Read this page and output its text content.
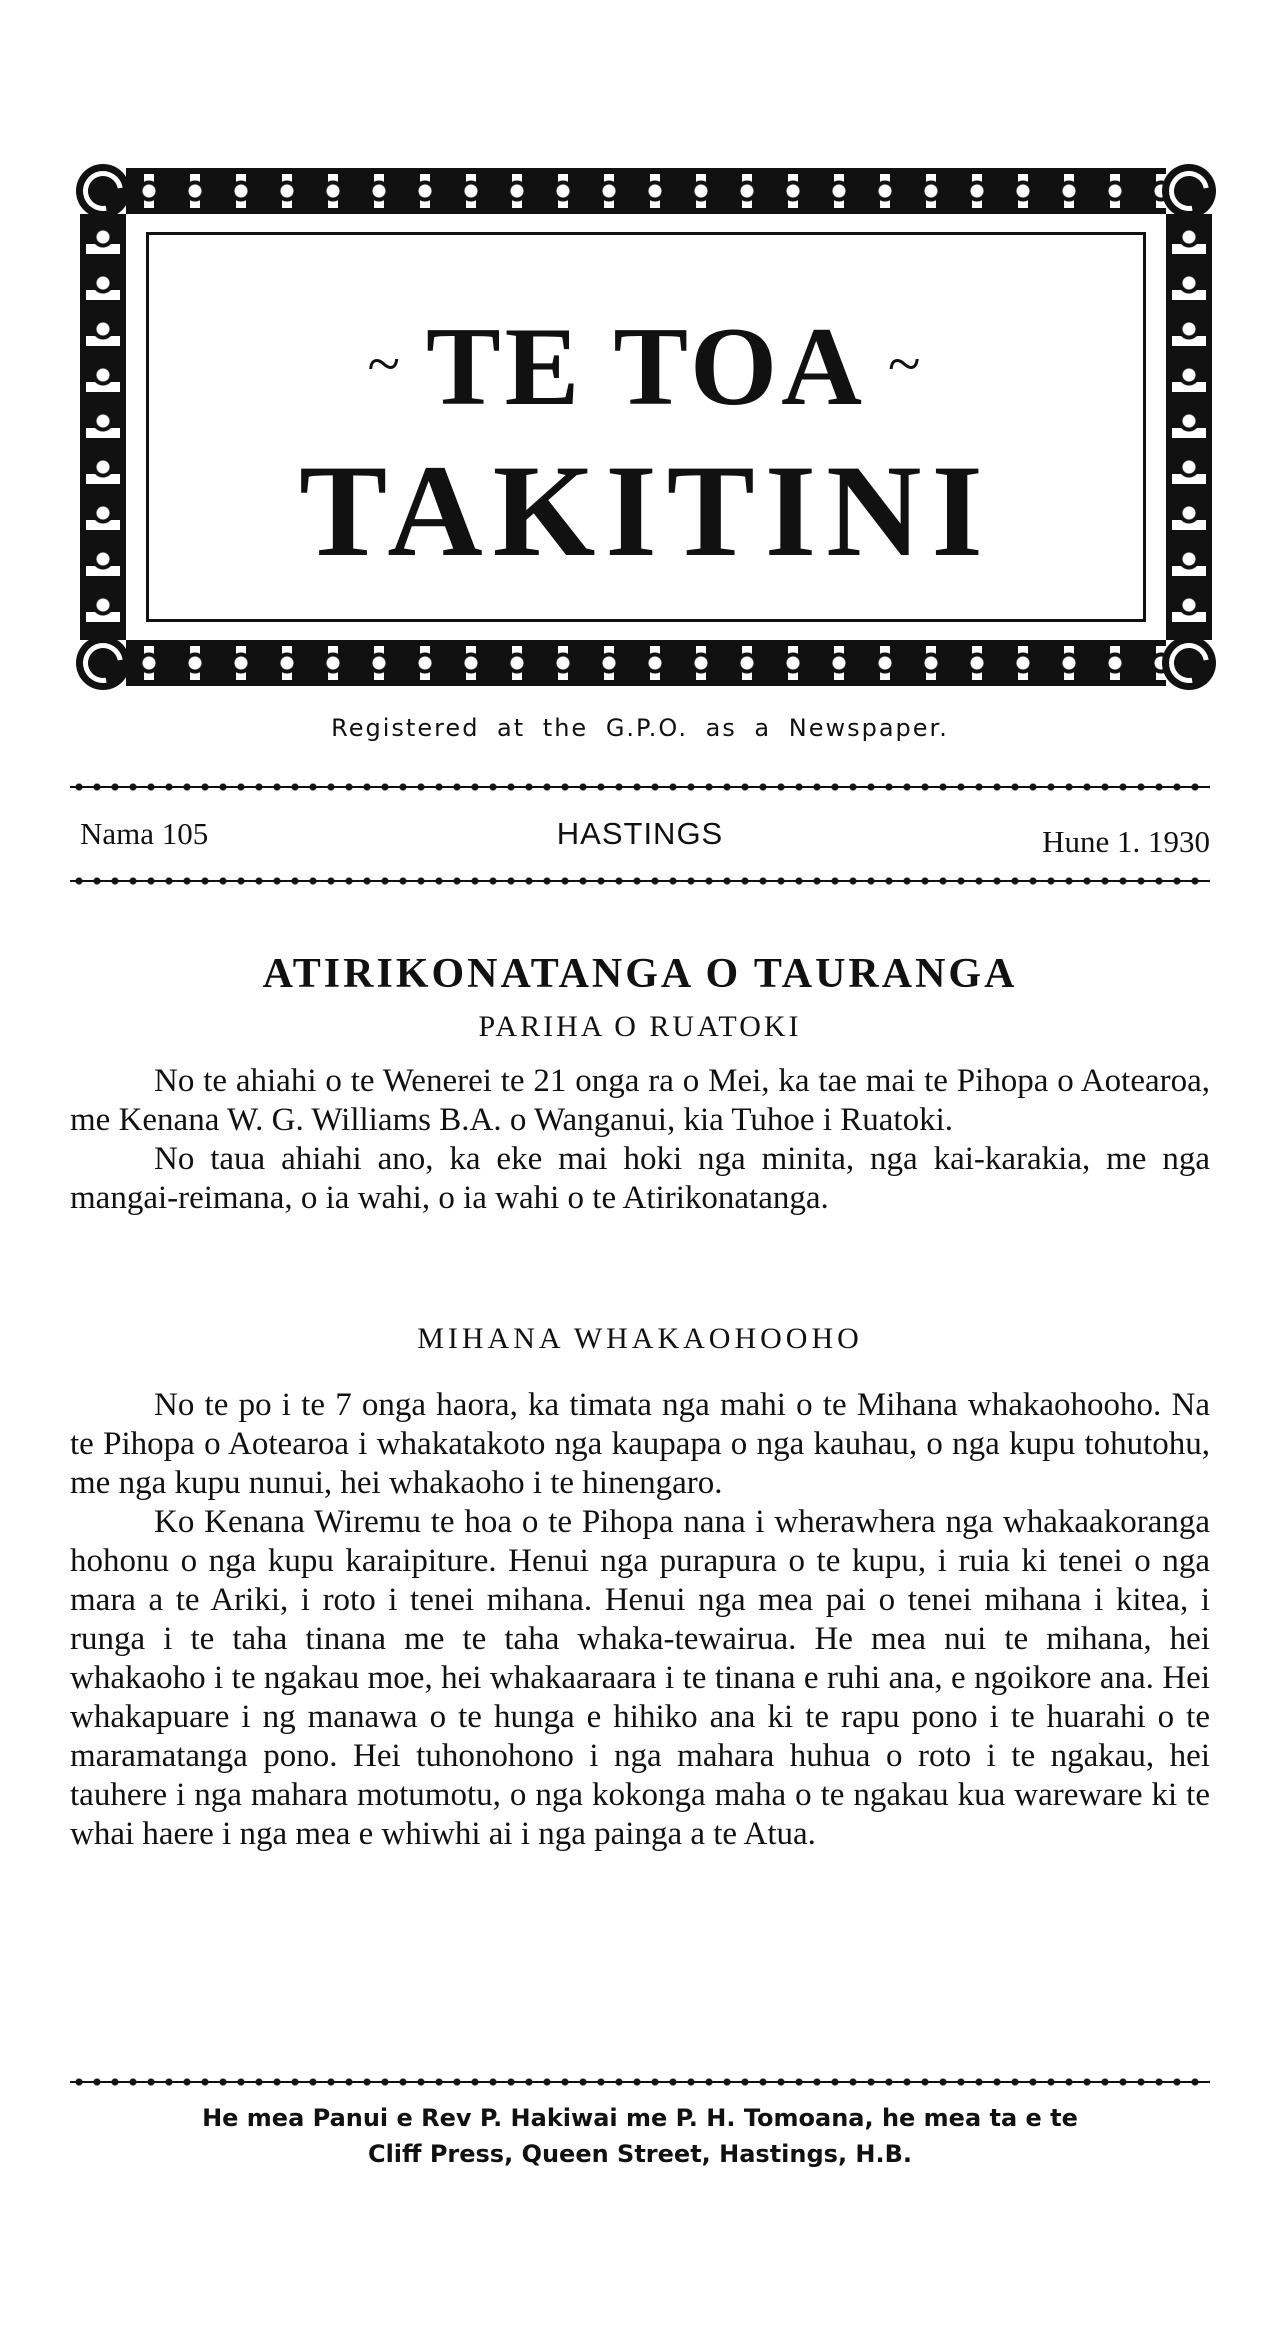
~ TE TOA ~
TAKITINI
Registered at the G.P.O. as a Newspaper.
Nama 105	HASTINGS	Hune 1. 1930
ATIRIKONATANGA O TAURANGA
PARIHA O RUATOKI

No te ahiahi o te Wenerei te 21 onga ra o Mei, ka tae mai te Pihopa o Aotearoa, me Kenana W. G. Williams B.A. o Wanganui, kia Tuhoe i Ruatoki.

No taua ahiahi ano, ka eke mai hoki nga minita, nga kai-karakia, me nga mangai-reimana, o ia wahi, o ia wahi o te Atirikonatanga.

MIHANA WHAKAOHOOHO

No te po i te 7 onga haora, ka timata nga mahi o te Mihana whakaohooho. Na te Pihopa o Aotearoa i whakatakoto nga kaupapa o nga kauhau, o nga kupu tohutohu, me nga kupu nunui, hei whakaoho i te hinengaro.

Ko Kenana Wiremu te hoa o te Pihopa nana i wherawhera nga whakaakoranga hohonu o nga kupu karaipiture. Henui nga purapura o te kupu, i ruia ki tenei o nga mara a te Ariki, i roto i tenei mihana. Henui nga mea pai o tenei mihana i kitea, i runga i te taha tinana me te taha whaka-tewairua. He mea nui te mihana, hei whakaoho i te ngakau moe, hei whakaaraara i te tinana e ruhi ana, e ngoikore ana. Hei whakapuare i ng manawa o te hunga e hihiko ana ki te rapu pono i te huarahi o te maramatanga pono. Hei tuhonohono i nga mahara huhua o roto i te ngakau, hei tauhere i nga mahara motumotu, o nga kokonga maha o te ngakau kua wareware ki te whai haere i nga mea e whiwhi ai i nga painga a te Atua.

He mea Panui e Rev P. Hakiwai me P. H. Tomoana, he mea ta e te
Cliff Press, Queen Street, Hastings, H.B.
